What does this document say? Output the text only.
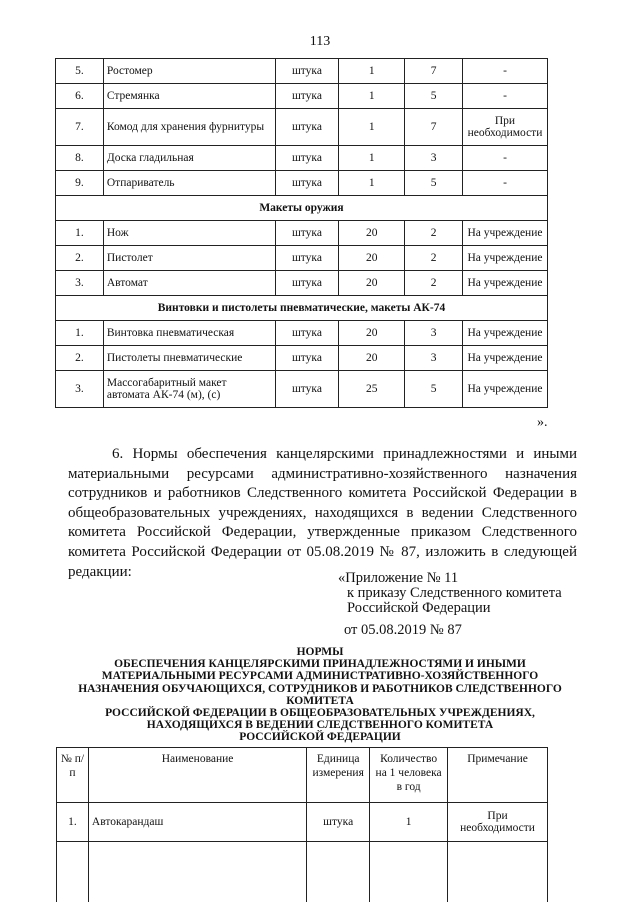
113
5.	Ростомер	штука	1	7	-
6.	Стремянка	штука	1	5	-
7.	Комод для хранения фурнитуры	штука	1	7	При необходимости
8.	Доска гладильная	штука	1	3	-
9.	Отпариватель	штука	1	5	-
Макеты оружия					
1.	Нож	штука	20	2	На учреждение
2.	Пистолет	штука	20	2	На учреждение
3.	Автомат	штука	20	2	На учреждение
Винтовки и пистолеты пневматические, макеты АК-74					
1.	Винтовка пневматическая	штука	20	3	На учреждение
2.	Пистолеты пневматические	штука	20	3	На учреждение
3.	Массогабаритный макет автомата АК-74 (м), (с)	штука	25	5	На учреждение
».

6. Нормы обеспечения канцелярскими принадлежностями и иными материальными ресурсами административно-хозяйственного назначения сотрудников и работников Следственного комитета Российской Федерации в общеобразовательных учреждениях, находящихся в ведении Следственного комитета Российской Федерации, утвержденные приказом Следственного комитета Российской Федерации от 05.08.2019 № 87, изложить в следующей редакции:	«Приложение № 11
к приказу Следственного комитета
Российской Федерации
от 05.08.2019 № 87
НОРМЫ
ОБЕСПЕЧЕНИЯ КАНЦЕЛЯРСКИМИ ПРИНАДЛЕЖНОСТЯМИ И ИНЫМИ
МАТЕРИАЛЬНЫМИ РЕСУРСАМИ АДМИНИСТРАТИВНО-ХОЗЯЙСТВЕННОГО
НАЗНАЧЕНИЯ ОБУЧАЮЩИХСЯ, СОТРУДНИКОВ И РАБОТНИКОВ СЛЕДСТВЕННОГО КОМИТЕТА
РОССИЙСКОЙ ФЕДЕРАЦИИ В ОБЩЕОБРАЗОВАТЕЛЬНЫХ УЧРЕЖДЕНИЯХ,
НАХОДЯЩИХСЯ В ВЕДЕНИИ СЛЕДСТВЕННОГО КОМИТЕТА
РОССИЙСКОЙ ФЕДЕРАЦИИ
№ п/п	Наименование	Единица измерения	Количество на 1 человека в год	Примечание
1.	Автокарандаш	штука	1	При необходимости
